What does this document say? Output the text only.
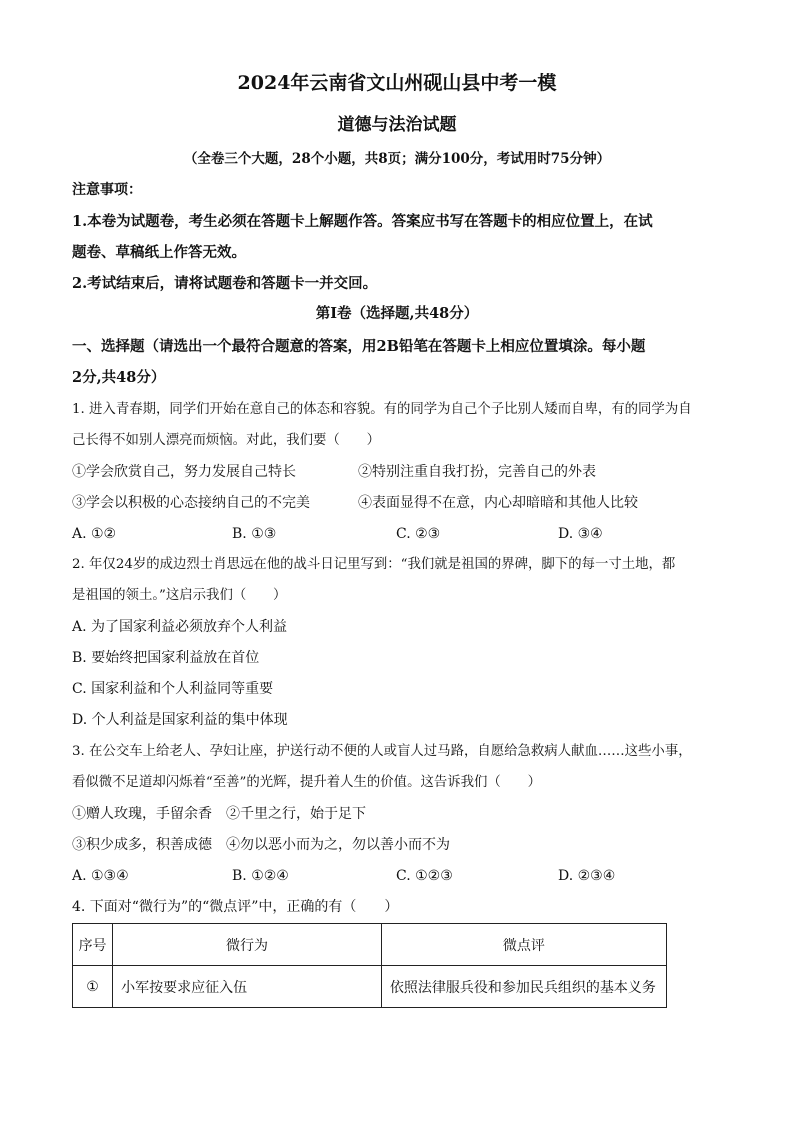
2024年云南省文山州砚山县中考一模
道德与法治试题
（全卷三个大题，28个小题，共8页；满分100分，考试用时75分钟）
注意事项：
1.本卷为试题卷，考生必须在答题卡上解题作答。答案应书写在答题卡的相应位置上，在试
题卷、草稿纸上作答无效。
2.考试结束后，请将试题卷和答题卡一并交回。
第Ⅰ卷（选择题,共48分）
一、选择题（请选出一个最符合题意的答案，用2B铅笔在答题卡上相应位置填涂。每小题
2分,共48分）
1. 进入青春期，同学们开始在意自己的体态和容貌。有的同学为自己个子比别人矮而自卑，有的同学为自
己长得不如别人漂亮而烦恼。对此，我们要（　　）
①学会欣赏自己，努力发展自己特长	②特别注重自我打扮，完善自己的外表
③学会以积极的心态接纳自己的不完美	④表面显得不在意，内心却暗暗和其他人比较
A. ①②	B. ①③	C. ②③	D. ③④
2. 年仅24岁的成边烈士肖思远在他的战斗日记里写到：“我们就是祖国的界碑，脚下的每一寸土地，都
是祖国的领土。”这启示我们（　　）
A. 为了国家利益必须放弃个人利益
B. 要始终把国家利益放在首位
C. 国家利益和个人利益同等重要
D. 个人利益是国家利益的集中体现
3. 在公交车上给老人、孕妇让座，护送行动不便的人或盲人过马路，自愿给急救病人献血……这些小事，
看似微不足道却闪烁着“至善”的光辉，提升着人生的价值。这告诉我们（　　）
①赠人玫瑰，手留余香　②千里之行，始于足下
③积少成多，积善成德　④勿以恶小而为之，勿以善小而不为
A. ①③④	B. ①②④	C. ①②③	D. ②③④
4. 下面对“微行为”的“微点评”中，正确的有（　　）
序号	微行为	微点评
①	小军按要求应征入伍	依照法律服兵役和参加民兵组织的基本义务
